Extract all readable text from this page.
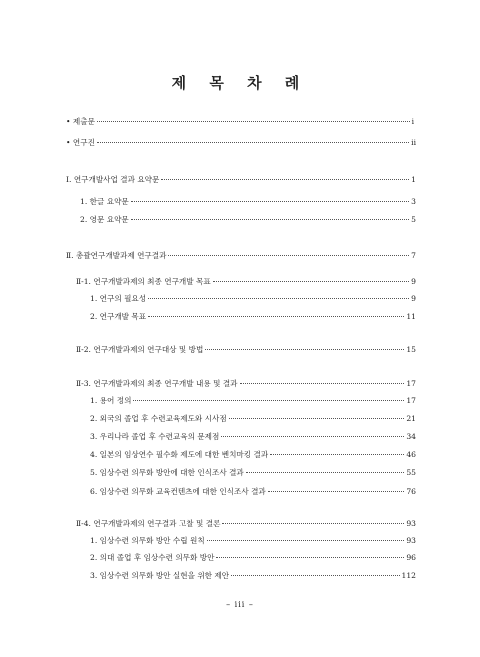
제 목 차 례
• 제출문	i
• 연구진	ii
Ⅰ. 연구개발사업 결과 요약문	1
1. 한글 요약문	3
2. 영문 요약문	5
Ⅱ. 총괄연구개발과제 연구결과	7
Ⅱ-1. 연구개발과제의 최종 연구개발 목표	9
1. 연구의 필요성	9
2. 연구개발 목표	11
Ⅱ-2. 연구개발과제의 연구대상 및 방법	15
Ⅱ-3. 연구개발과제의 최종 연구개발 내용 및 결과	17
1. 용어 정의	17
2. 외국의 졸업 후 수련교육제도와 시사점	21
3. 우리나라 졸업 후 수련교육의 문제점	34
4. 일본의 임상연수 필수화 제도에 대한 벤치마킹 결과	46
5. 임상수련 의무화 방안에 대한 인식조사 결과	55
6. 임상수련 의무화 교육컨텐츠에 대한 인식조사 결과	76
Ⅱ-4. 연구개발과제의 연구결과 고찰 및 결론	93
1. 임상수련 의무화 방안 수립 원칙	93
2. 의대 졸업 후 임상수련 의무화 방안	96
3. 임상수련 의무화 방안 실현을 위한 제안	112
– iii –
